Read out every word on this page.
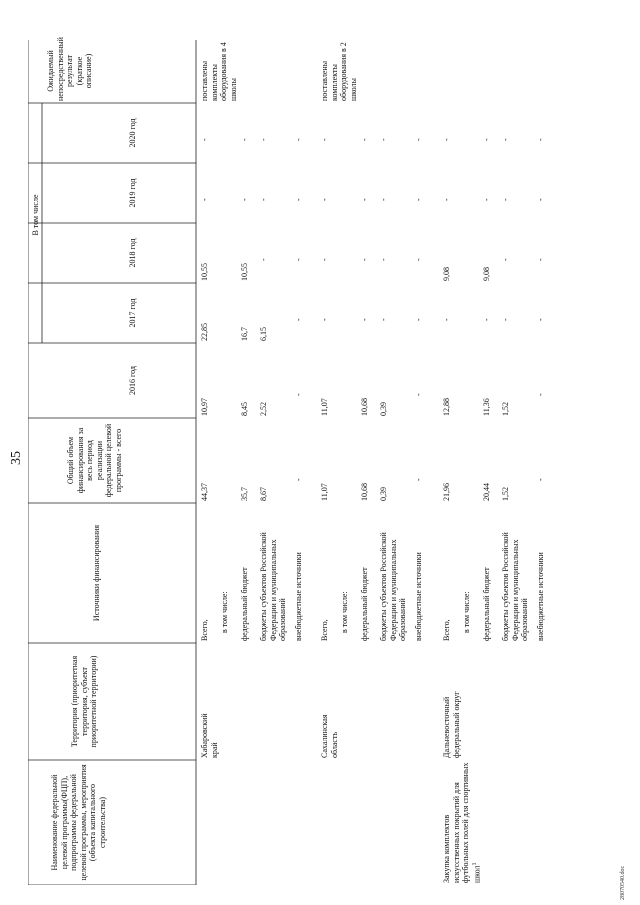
35
28070540.doc
Наименование федеральной целевой программы(ФЦП), подпрограммы федеральной целевой программы, мероприятия (объекта капитального строительства)
Территория (приоритетная территория, субъект приоритетной территории)
Источники финансирования
Общий объем финансирования за весь период реализации федеральной целевой программы - всего
В том числе
2016 год
2017 год
2018 год
2019 год
2020 год
Ожидаемый непосредственный результат (краткое описание)
Хабаровский край
поставлены комплекты оборудования в 4 школы
Всего,
44,37
10,97
22,85
10,55
-
-
в том числе: федеральный бюджет
35,7
8,45
16,7
10,55
-
-
бюджеты субъектов Российской Федерации и муниципальных образований
8,67
2,52
6,15
-
-
-
внебюджетные источники
-
-
-
-
-
-
Сахалинская область
поставлены комплекты оборудования в 2 школы
Всего,
11,07
11,07
-
-
-
-
в том числе: федеральный бюджет
10,68
10,68
-
-
-
-
бюджеты субъектов Российской Федерации и муниципальных образований
0,39
0,39
-
-
-
-
внебюджетные источники
-
-
-
-
-
-
Закупка комплектов искусственных покрытий для футбольных полей для спортивных школ$^1$
Дальневосточный федеральный округ
Всего,
21,96
12,88
-
9,08
-
-
в том числе: федеральный бюджет
20,44
11,36
-
9,08
-
-
бюджеты субъектов Российской Федерации и муниципальных образований
1,52
1,52
-
-
-
-
внебюджетные источники
-
-
-
-
-
-
